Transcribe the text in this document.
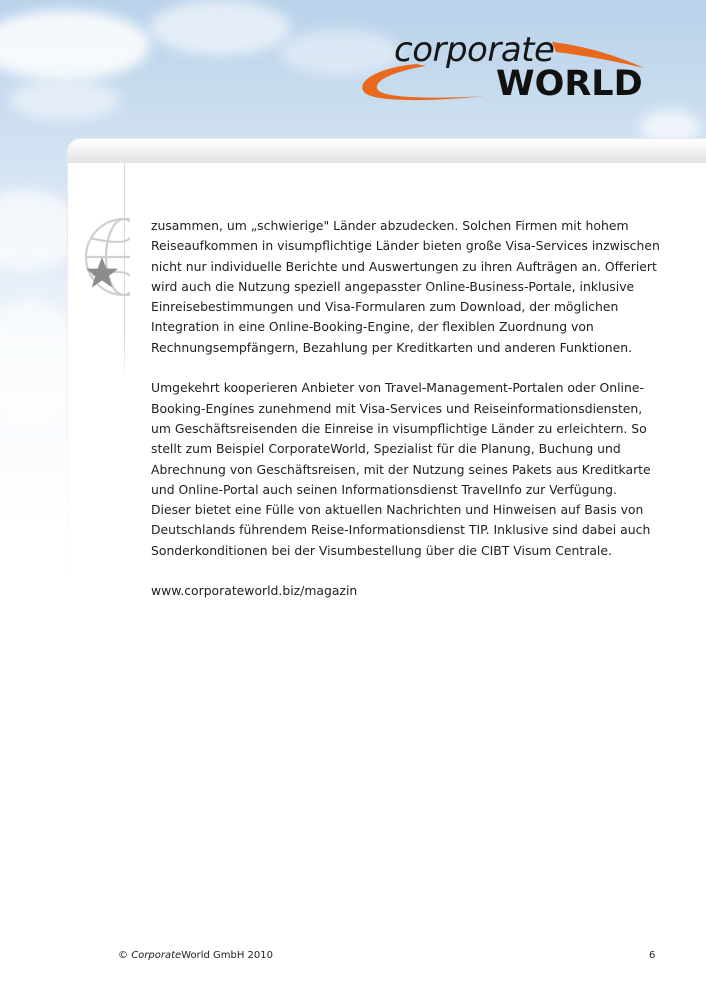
corporate
WORLD

zusammen, um „schwierige" Länder abzudecken. Solchen Firmen mit hohem
Reiseaufkommen in visumpflichtige Länder bieten große Visa-Services inzwischen
nicht nur individuelle Berichte und Auswertungen zu ihren Aufträgen an. Offeriert
wird auch die Nutzung speziell angepasster Online-Business-Portale, inklusive
Einreisebestimmungen und Visa-Formularen zum Download, der möglichen
Integration in eine Online-Booking-Engine, der flexiblen Zuordnung von
Rechnungsempfängern, Bezahlung per Kreditkarten und anderen Funktionen.

Umgekehrt kooperieren Anbieter von Travel-Management-Portalen oder Online-
Booking-Engines zunehmend mit Visa-Services und Reiseinformationsdiensten,
um Geschäftsreisenden die Einreise in visumpflichtige Länder zu erleichtern. So
stellt zum Beispiel CorporateWorld, Spezialist für die Planung, Buchung und
Abrechnung von Geschäftsreisen, mit der Nutzung seines Pakets aus Kreditkarte
und Online-Portal auch seinen Informationsdienst TravelInfo zur Verfügung.
Dieser bietet eine Fülle von aktuellen Nachrichten und Hinweisen auf Basis von
Deutschlands führendem Reise-Informationsdienst TIP. Inklusive sind dabei auch
Sonderkonditionen bei der Visumbestellung über die CIBT Visum Centrale.

www.corporateworld.biz/magazin

© CorporateWorld GmbH 2010	6
